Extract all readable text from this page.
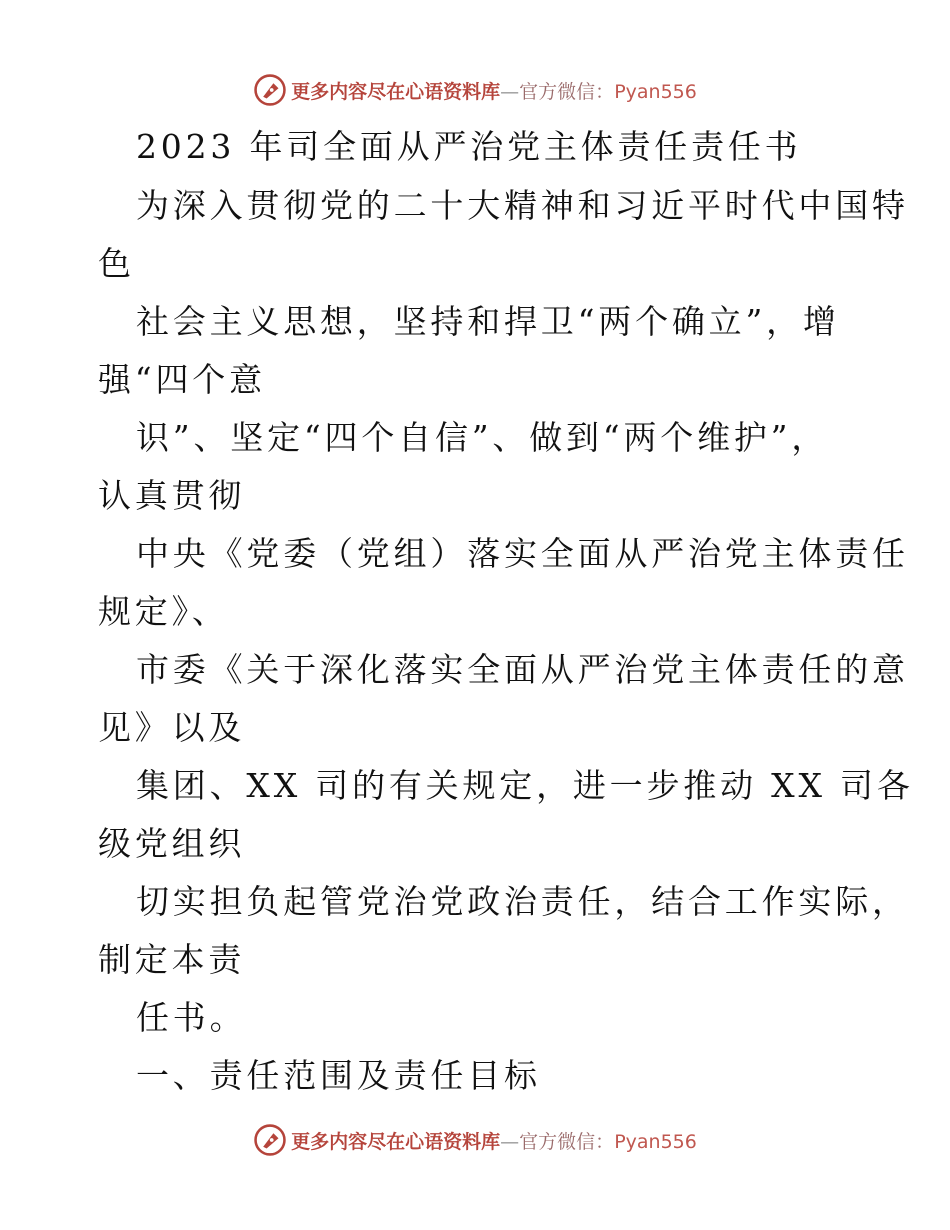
更多内容尽在心语资料库—官方微信：Pyan556
2023 年司全面从严治党主体责任责任书
为深入贯彻党的二十大精神和习近平时代中国特
色
社会主义思想，坚持和捍卫“两个确立”，增
强“四个意
识”、坚定“四个自信”、做到“两个维护”，
认真贯彻
中央《党委（党组）落实全面从严治党主体责任
规定》、
市委《关于深化落实全面从严治党主体责任的意
见》以及
集团、XX 司的有关规定，进一步推动 XX 司各
级党组织
切实担负起管党治党政治责任，结合工作实际，
制定本责
任书。
一、责任范围及责任目标
更多内容尽在心语资料库—官方微信：Pyan556
